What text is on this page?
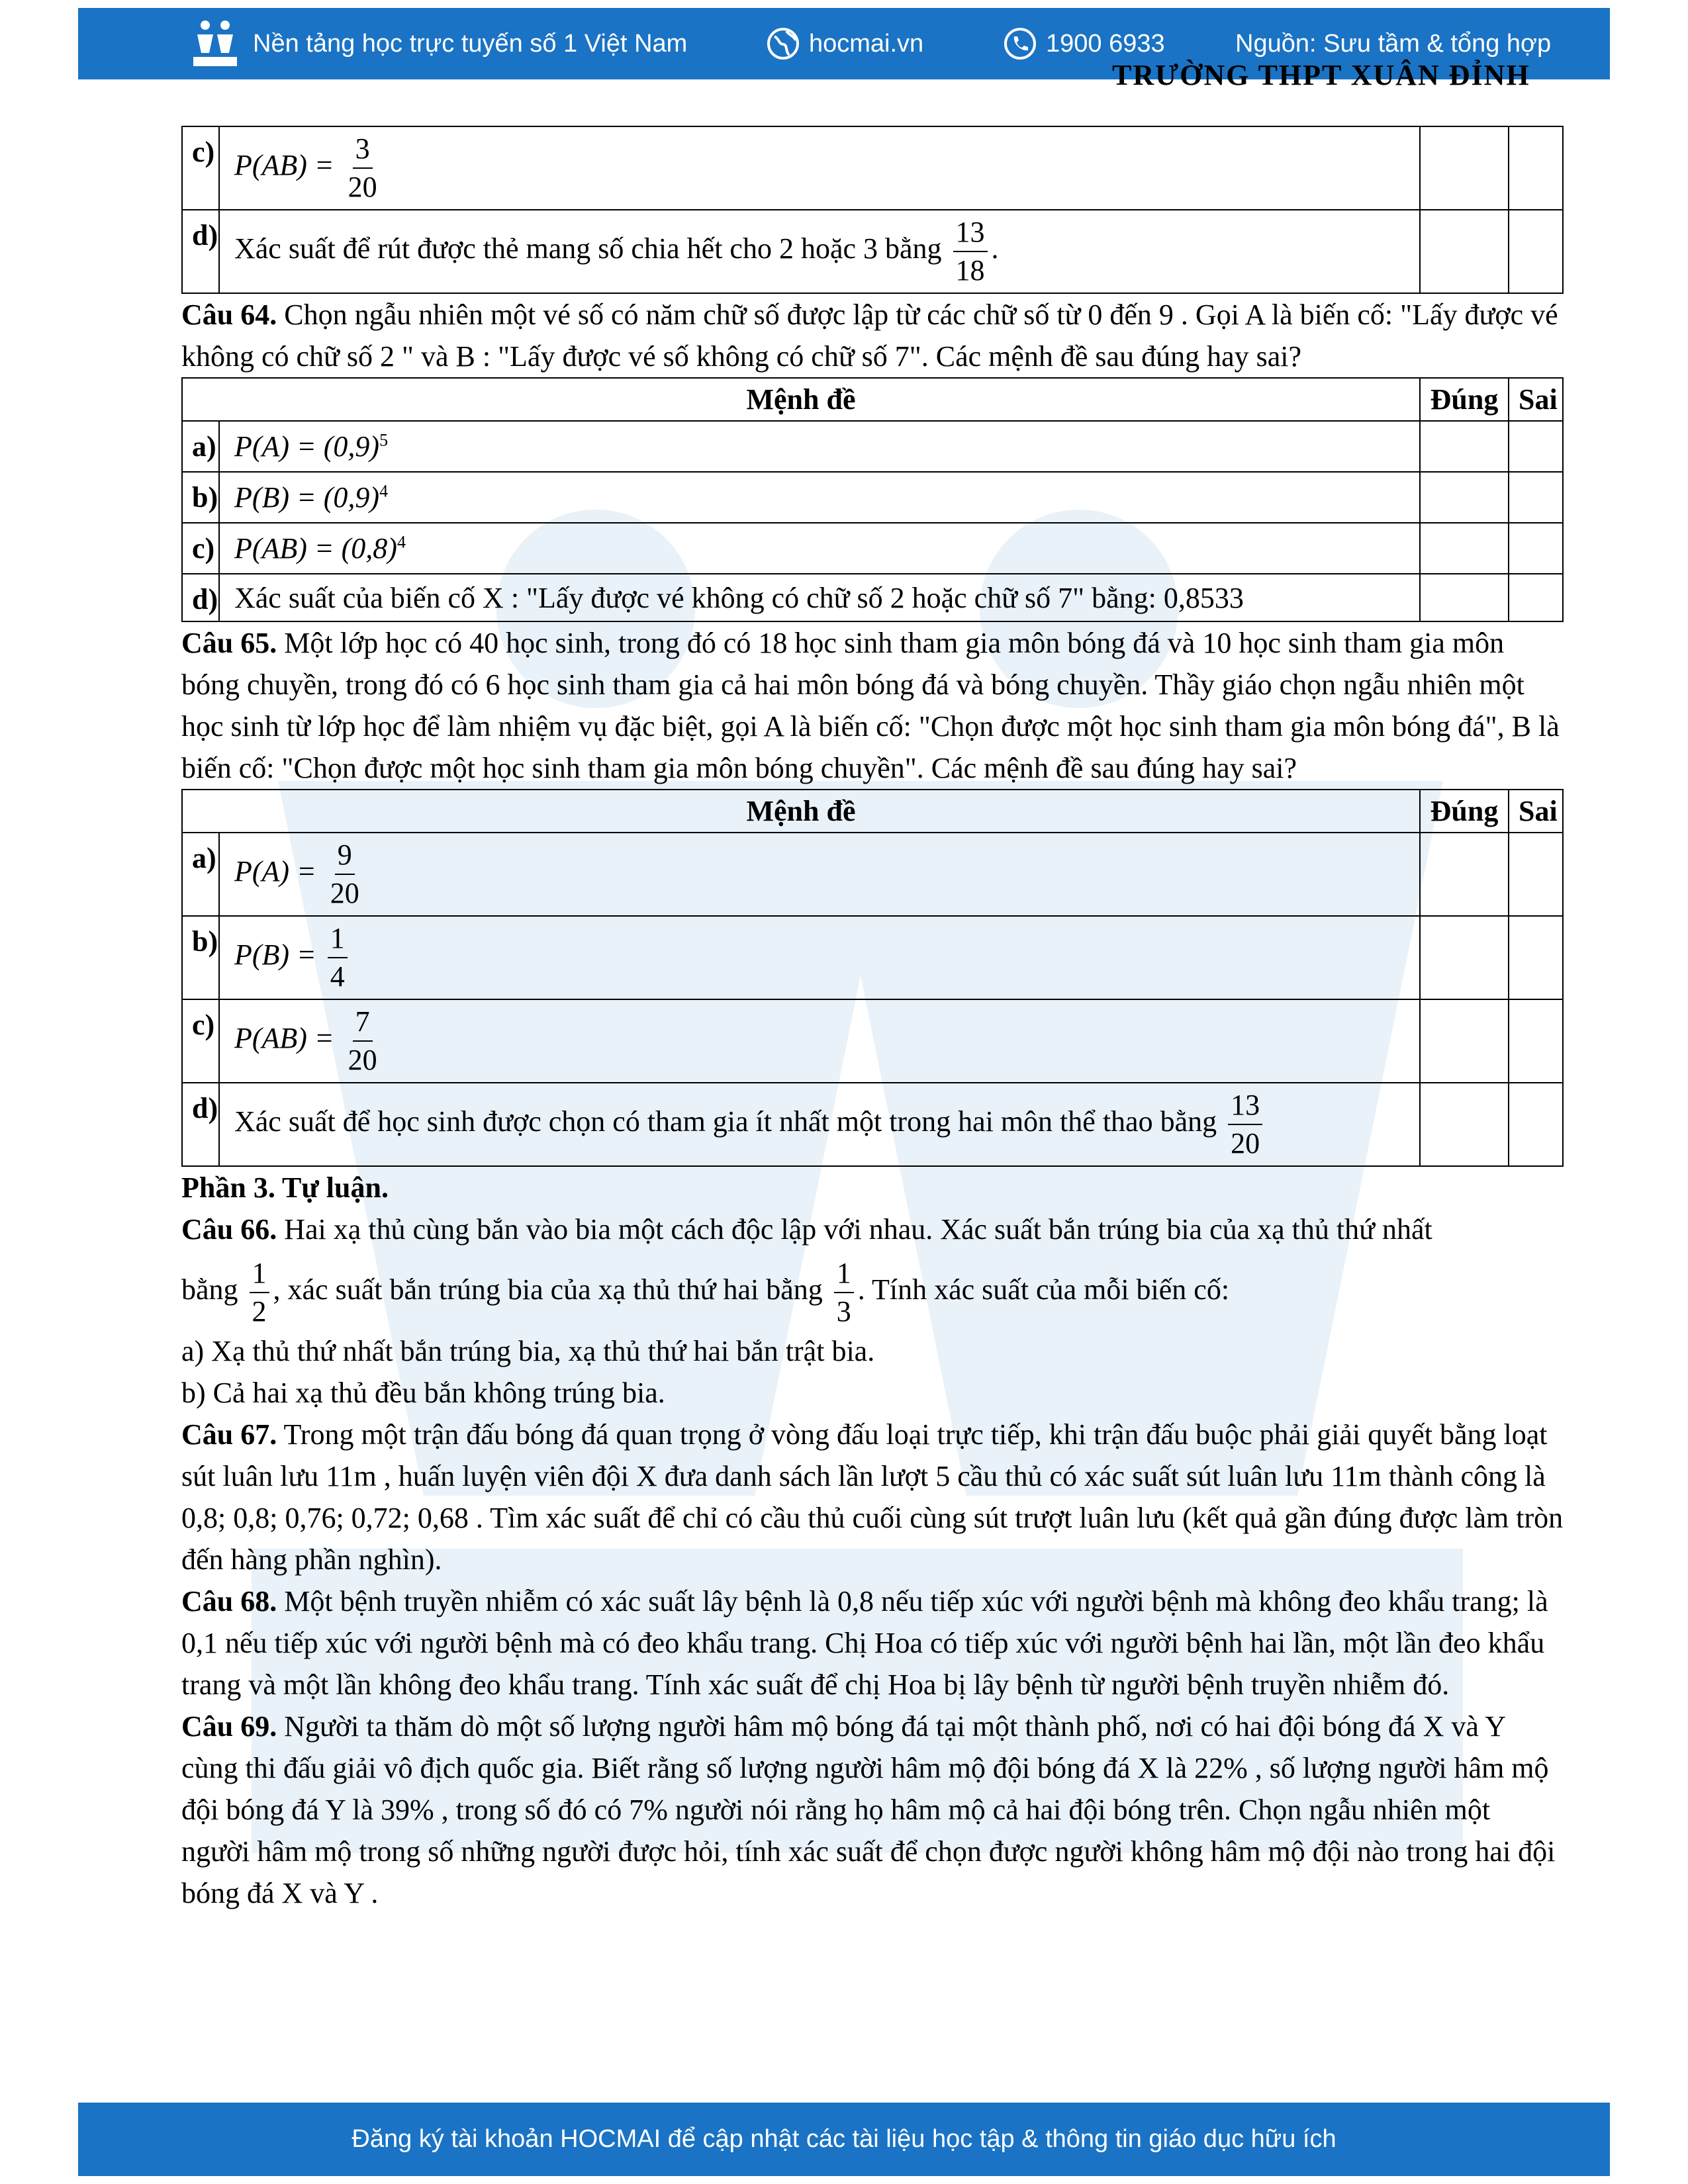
Nền tảng học trực tuyến số 1 Việt Nam	hocmai.vn	1900 6933	Nguồn: Sưu tầm & tổng hợp
TRƯỜNG THPT XUÂN ĐỈNH
c)	$P(AB) = \frac{3}{20}$

d)	Xác suất để rút được thẻ mang số chia hết cho 2 hoặc 3 bằng $\frac{13}{18}$ .		

Câu 64. Chọn ngẫu nhiên một vé số có năm chữ số được lập từ các chữ số từ 0 đến 9 . Gọi A là biến cố: "Lấy được vé không có chữ số 2 " và B : "Lấy được vé số không có chữ số 7". Các mệnh đề sau đúng hay sai?

Mệnh đề		Đúng	Sai
a)	$P(A) = (0,9)^5$		
b)	$P(B) = (0,9)^4$		
c)	$P(AB) = (0,8)^4$		
d)	Xác suất của biến cố X : "Lấy được vé không có chữ số 2 hoặc chữ số 7" bằng: 0,8533		

Câu 65. Một lớp học có 40 học sinh, trong đó có 18 học sinh tham gia môn bóng đá và 10 học sinh tham gia môn bóng chuyền, trong đó có 6 học sinh tham gia cả hai môn bóng đá và bóng chuyền. Thầy giáo chọn ngẫu nhiên một học sinh từ lớp học để làm nhiệm vụ đặc biệt, gọi A là biến cố: "Chọn được một học sinh tham gia môn bóng đá", B là biến cố: "Chọn được một học sinh tham gia môn bóng chuyền". Các mệnh đề sau đúng hay sai?

Mệnh đề		Đúng	Sai
a)	$P(A) = \frac{9}{20}$

b)	$P(B) = \frac{1}{4}$

c)	$P(AB) = \frac{7}{20}$

d)	Xác suất để học sinh được chọn có tham gia ít nhất một trong hai môn thể thao bằng $\frac{13}{20}$

Phần 3. Tự luận.

Câu 66. Hai xạ thủ cùng bắn vào bia một cách độc lập với nhau. Xác suất bắn trúng bia của xạ thủ thứ nhất

bằng $\frac{1}{2}$ , xác suất bắn trúng bia của xạ thủ thứ hai bằng $\frac{1}{3}$ . Tính xác suất của mỗi biến cố:

a) Xạ thủ thứ nhất bắn trúng bia, xạ thủ thứ hai bắn trật bia.

b) Cả hai xạ thủ đều bắn không trúng bia.

Câu 67. Trong một trận đấu bóng đá quan trọng ở vòng đấu loại trực tiếp, khi trận đấu buộc phải giải quyết bằng loạt sút luân lưu 11m , huấn luyện viên đội X đưa danh sách lần lượt 5 cầu thủ có xác suất sút luân lưu 11m thành công là 0,8; 0,8; 0,76; 0,72; 0,68 . Tìm xác suất để chỉ có cầu thủ cuối cùng sút trượt luân lưu (kết quả gần đúng được làm tròn đến hàng phần nghìn).

Câu 68. Một bệnh truyền nhiễm có xác suất lây bệnh là 0,8 nếu tiếp xúc với người bệnh mà không đeo khẩu trang; là 0,1 nếu tiếp xúc với người bệnh mà có đeo khẩu trang. Chị Hoa có tiếp xúc với người bệnh hai lần, một lần đeo khẩu trang và một lần không đeo khẩu trang. Tính xác suất để chị Hoa bị lây bệnh từ người bệnh truyền nhiễm đó.

Câu 69. Người ta thăm dò một số lượng người hâm mộ bóng đá tại một thành phố, nơi có hai đội bóng đá X và Y cùng thi đấu giải vô địch quốc gia. Biết rằng số lượng người hâm mộ đội bóng đá X là 22% , số lượng người hâm mộ đội bóng đá Y là 39% , trong số đó có 7% người nói rằng họ hâm mộ cả hai đội bóng trên. Chọn ngẫu nhiên một người hâm mộ trong số những người được hỏi, tính xác suất để chọn được người không hâm mộ đội nào trong hai đội bóng đá X và Y .

Đăng ký tài khoản HOCMAI để cập nhật các tài liệu học tập & thông tin giáo dục hữu ích
